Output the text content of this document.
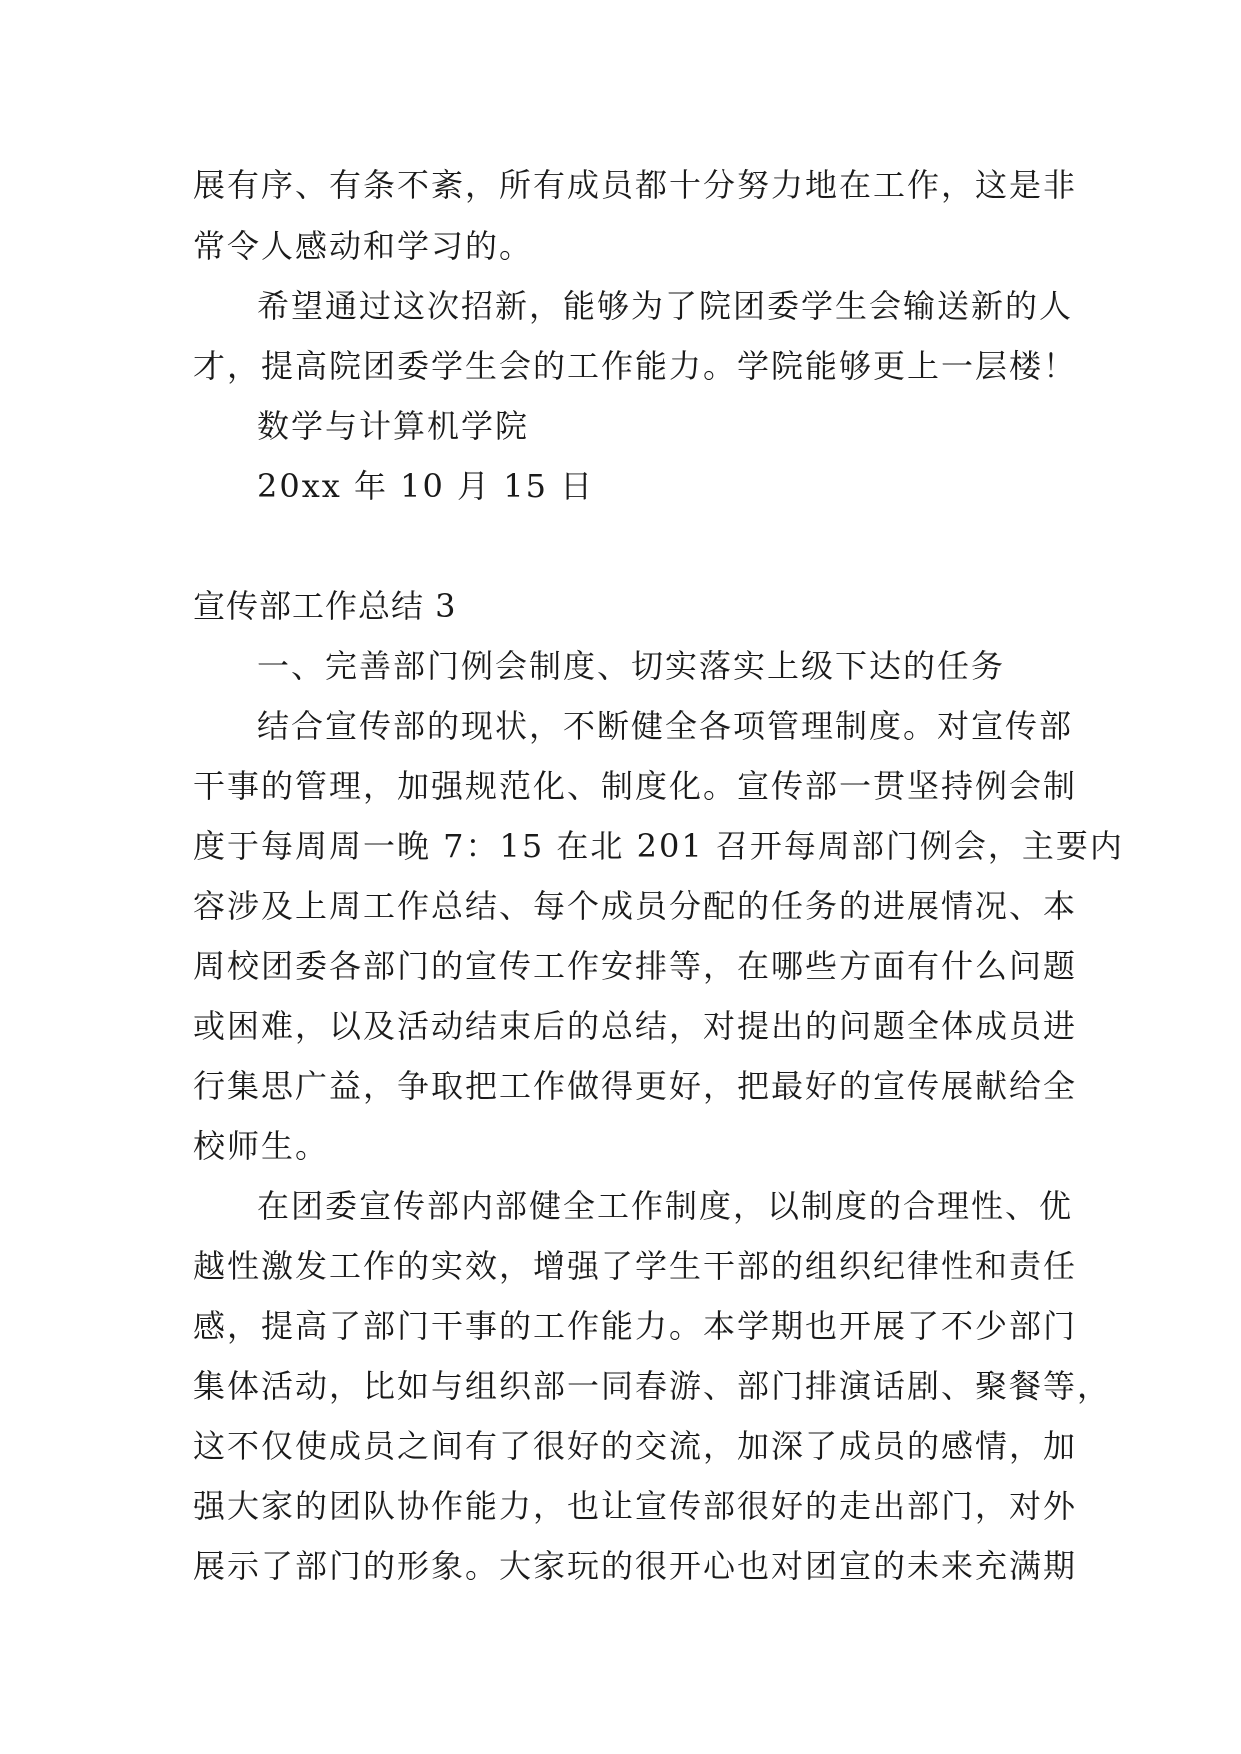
展有序、有条不紊，所有成员都十分努力地在工作，这是非
常令人感动和学习的。
希望通过这次招新，能够为了院团委学生会输送新的人
才，提高院团委学生会的工作能力。学院能够更上一层楼！
数学与计算机学院
20xx 年 10 月 15 日
宣传部工作总结 3
一、完善部门例会制度、切实落实上级下达的任务
结合宣传部的现状，不断健全各项管理制度。对宣传部
干事的管理，加强规范化、制度化。宣传部一贯坚持例会制
度于每周周一晚 7：15 在北 201 召开每周部门例会，主要内
容涉及上周工作总结、每个成员分配的任务的进展情况、本
周校团委各部门的宣传工作安排等，在哪些方面有什么问题
或困难，以及活动结束后的总结，对提出的问题全体成员进
行集思广益，争取把工作做得更好，把最好的宣传展献给全
校师生。
在团委宣传部内部健全工作制度，以制度的合理性、优
越性激发工作的实效，增强了学生干部的组织纪律性和责任
感，提高了部门干事的工作能力。本学期也开展了不少部门
集体活动，比如与组织部一同春游、部门排演话剧、聚餐等，
这不仅使成员之间有了很好的交流，加深了成员的感情，加
强大家的团队协作能力，也让宣传部很好的走出部门，对外
展示了部门的形象。大家玩的很开心也对团宣的未来充满期
